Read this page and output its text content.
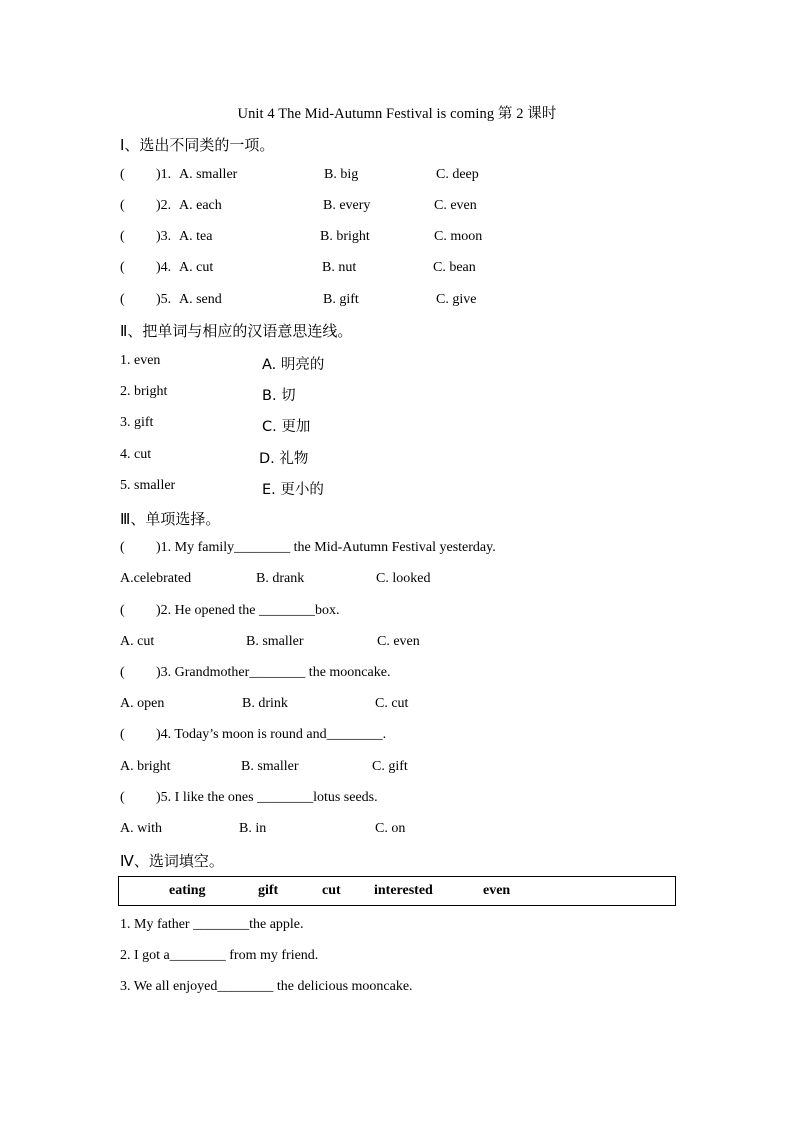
Unit 4 The Mid-Autumn Festival is coming 第 2 课时
Ⅰ、选出不同类的一项。
( )1. A. smaller	B. big	C. deep
( )2. A. each	B. every	C. even
( )3. A. tea	B. bright	C. moon
( )4. A. cut	B. nut	C. bean
( )5. A. send	B. gift	C. give
Ⅱ、把单词与相应的汉语意思连线。
1. even	A. 明亮的
2. bright	B. 切
3. gift	C. 更加
4. cut	D. 礼物
5. smaller	E. 更小的
Ⅲ、单项选择。
( )1. My family________ the Mid-Autumn Festival yesterday.
A.celebrated	B. drank	C. looked
( )2. He opened the ________box.
A. cut	B. smaller	C. even
( )3. Grandmother________ the mooncake.
A. open	B. drink	C. cut
( )4. Today’s moon is round and________.
A. bright	B. smaller	C. gift
( )5. I like the ones ________lotus seeds.
A. with	B. in	C. on
Ⅳ、选词填空。
eating	gift	cut interested	even
1. My father ________the apple.
2. I got a________ from my friend.
3. We all enjoyed________ the delicious mooncake.
